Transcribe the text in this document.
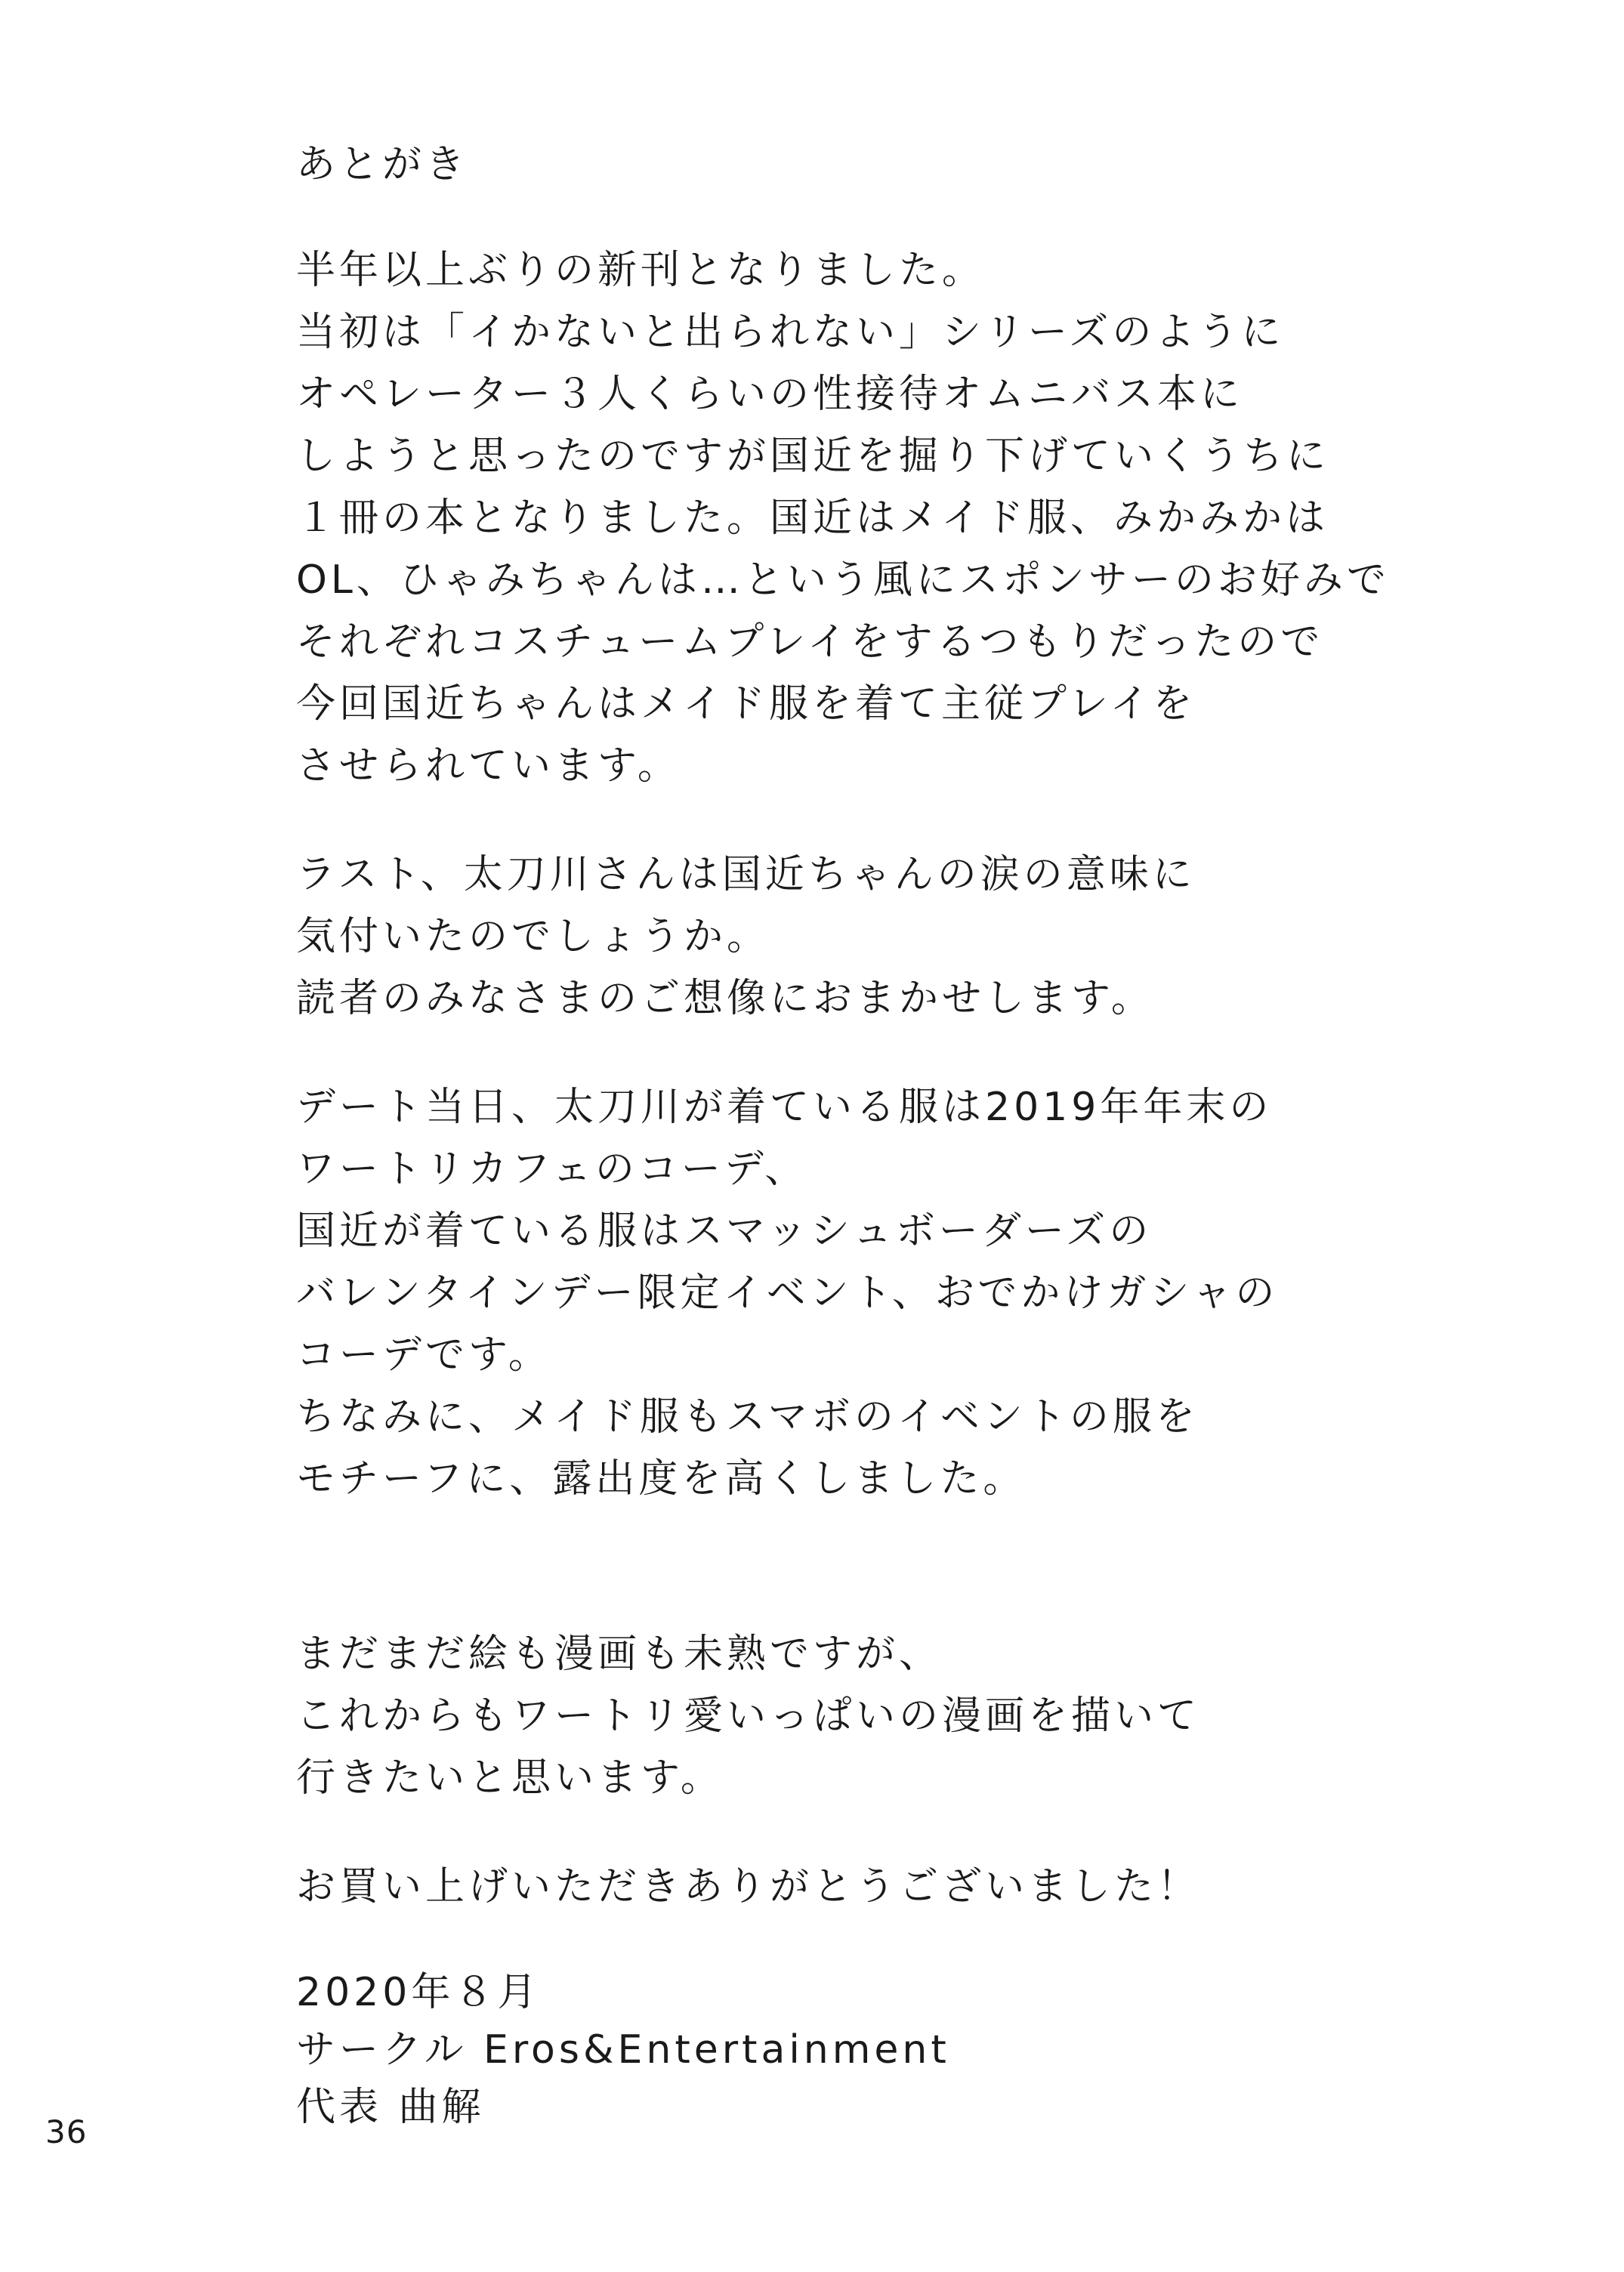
あとがき
半年以上ぶりの新刊となりました。
当初は「イかないと出られない」シリーズのように
オペレーター３人くらいの性接待オムニバス本に
しようと思ったのですが国近を掘り下げていくうちに
１冊の本となりました。国近はメイド服、みかみかは
OL、ひゃみちゃんは…という風にスポンサーのお好みで
それぞれコスチュームプレイをするつもりだったので
今回国近ちゃんはメイド服を着て主従プレイを
させられています。
ラスト、太刀川さんは国近ちゃんの涙の意味に
気付いたのでしょうか。
読者のみなさまのご想像におまかせします。
デート当日、太刀川が着ている服は2019年年末の
ワートリカフェのコーデ、
国近が着ている服はスマッシュボーダーズの
バレンタインデー限定イベント、おでかけガシャの
コーデです。
ちなみに、メイド服もスマボのイベントの服を
モチーフに、露出度を高くしました。
まだまだ絵も漫画も未熟ですが、
これからもワートリ愛いっぱいの漫画を描いて
行きたいと思います。
お買い上げいただきありがとうございました！
2020年８月
サークル Eros&Entertainment
代表 曲解
36
